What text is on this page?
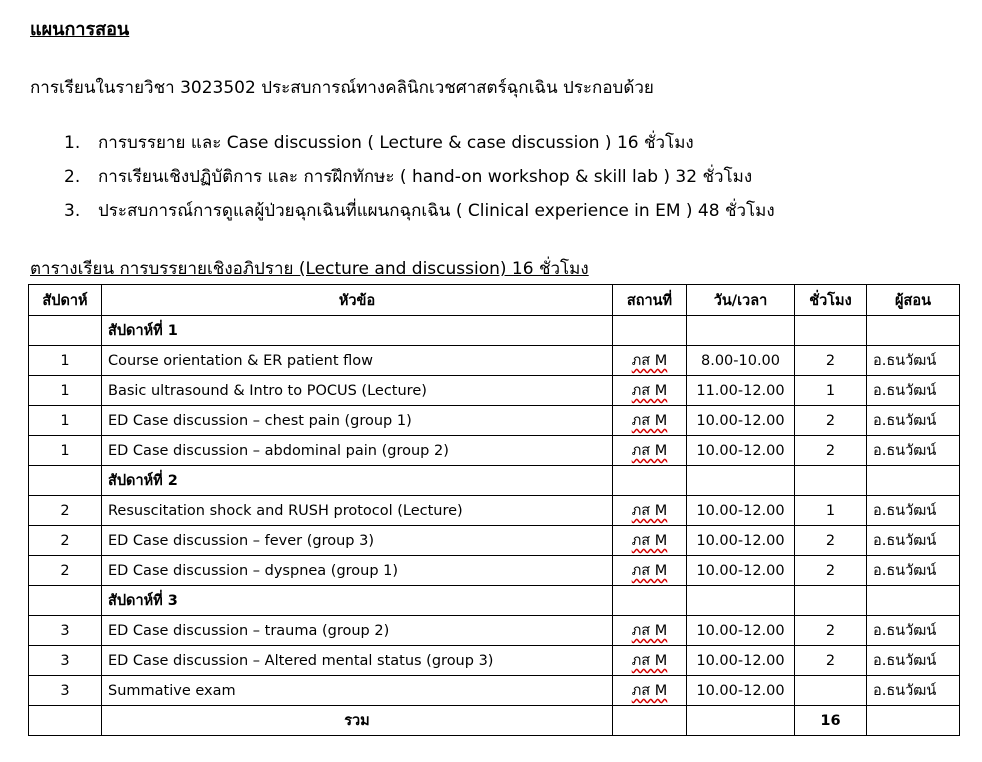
แผนการสอน
การเรียนในรายวิชา 3023502 ประสบการณ์ทางคลินิกเวชศาสตร์ฉุกเฉิน ประกอบด้วย
1.	การบรรยาย และ Case discussion ( Lecture & case discussion ) 16 ชั่วโมง
2.	การเรียนเชิงปฏิบัติการ และ การฝึกทักษะ ( hand-on workshop & skill lab ) 32 ชั่วโมง
3.	ประสบการณ์การดูแลผู้ป่วยฉุกเฉินที่แผนกฉุกเฉิน ( Clinical experience in EM ) 48 ชั่วโมง
ตารางเรียน การบรรยายเชิงอภิปราย (Lecture and discussion) 16 ชั่วโมง
สัปดาห์	หัวข้อ	สถานที่	วัน/เวลา	ชั่วโมง	ผู้สอน
	สัปดาห์ที่ 1				
1	Course orientation & ER patient flow	ภส M	8.00-10.00	2	อ.ธนวัฒน์
1	Basic ultrasound & Intro to POCUS (Lecture)	ภส M	11.00-12.00	1	อ.ธนวัฒน์
1	ED Case discussion – chest pain (group 1)	ภส M	10.00-12.00	2	อ.ธนวัฒน์
1	ED Case discussion – abdominal pain (group 2)	ภส M	10.00-12.00	2	อ.ธนวัฒน์
	สัปดาห์ที่ 2				
2	Resuscitation shock and RUSH protocol (Lecture)	ภส M	10.00-12.00	1	อ.ธนวัฒน์
2	ED Case discussion – fever (group 3)	ภส M	10.00-12.00	2	อ.ธนวัฒน์
2	ED Case discussion – dyspnea (group 1)	ภส M	10.00-12.00	2	อ.ธนวัฒน์
	สัปดาห์ที่ 3				
3	ED Case discussion – trauma (group 2)	ภส M	10.00-12.00	2	อ.ธนวัฒน์
3	ED Case discussion – Altered mental status (group 3)	ภส M	10.00-12.00	2	อ.ธนวัฒน์
3	Summative exam	ภส M	10.00-12.00		อ.ธนวัฒน์
	รวม			16	
